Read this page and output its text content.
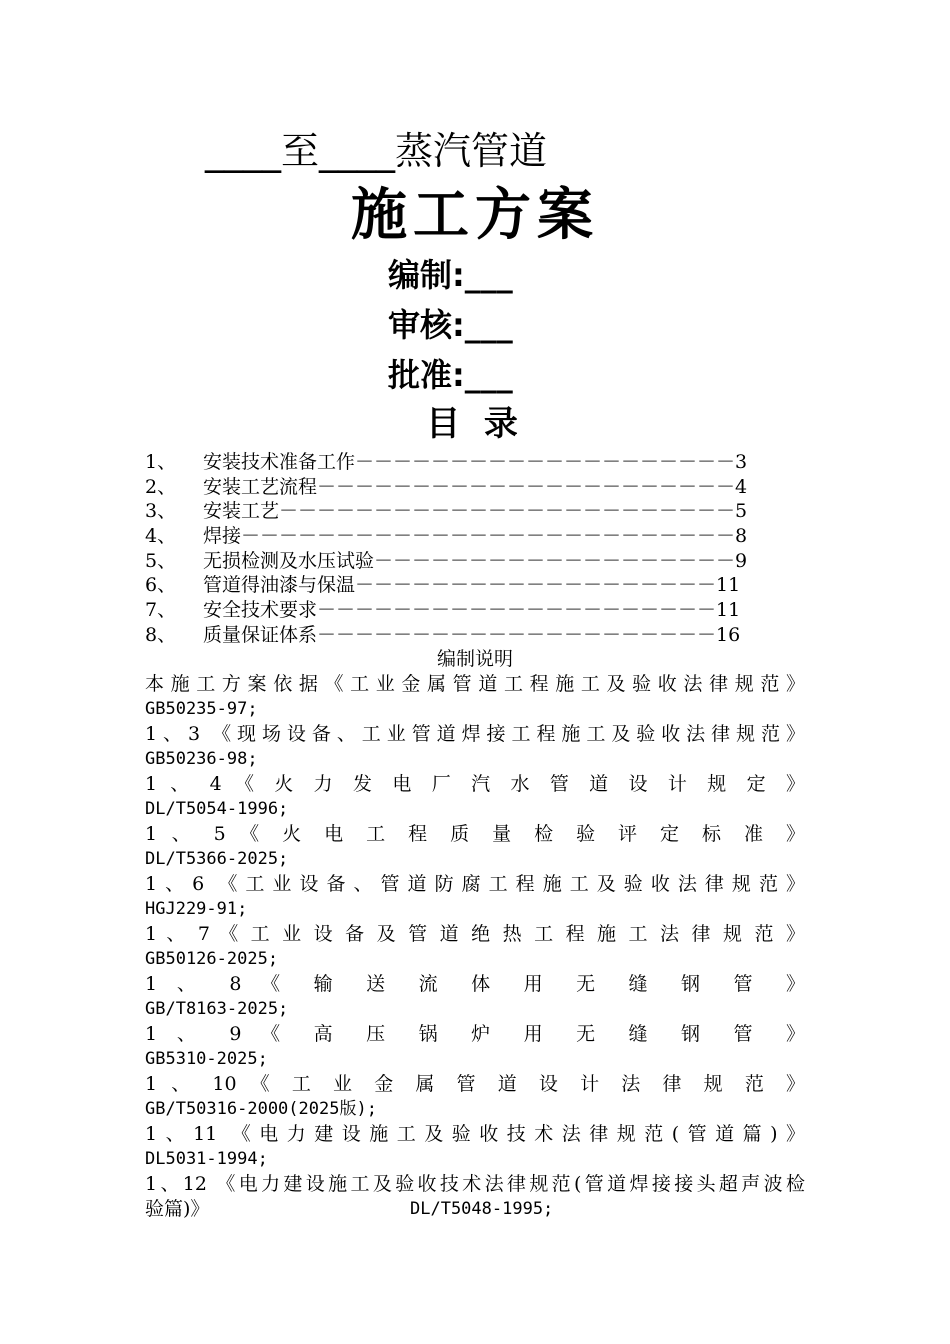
____至____蒸汽管道
施工方案
编制:___
审核:___
批准:___
目 录
1、	安装技术准备工作－－－－－－－－－－－－－－－－－－－－3
2、	安装工艺流程－－－－－－－－－－－－－－－－－－－－－－4
3、	安装工艺－－－－－－－－－－－－－－－－－－－－－－－－5
4、	焊接－－－－－－－－－－－－－－－－－－－－－－－－－－8
5、	无损检测及水压试验－－－－－－－－－－－－－－－－－－－9
6、	管道得油漆与保温－－－－－－－－－－－－－－－－－－－11
7、	安全技术要求－－－－－－－－－－－－－－－－－－－－－11
8、	质量保证体系－－－－－－－－－－－－－－－－－－－－－16
编制说明
本施工方案依据《工业金属管道工程施工及验收法律规范》
GB50235-97;
1、3 《现场设备、工业管道焊接工程施工及验收法律规范》
GB50236-98;
1 、 4 《 火 力 发 电 厂 汽 水 管 道 设 计 规 定 》
DL/T5054-1996;
1 、 5 《 火 电 工 程 质 量 检 验 评 定 标 准 》
DL/T5366-2025;
1、6 《工业设备、管道防腐工程施工及验收法律规范》
HGJ229-91;
1 、 7 《 工 业 设 备 及 管 道 绝 热 工 程 施 工 法 律 规 范 》
GB50126-2025;
1 、 8 《 输 送 流 体 用 无 缝 钢 管 》
GB/T8163-2025;
1 、 9 《 高 压 锅 炉 用 无 缝 钢 管 》
GB5310-2025;
1 、 10 《 工 业 金 属 管 道 设 计 法 律 规 范 》
GB/T50316-2000(2025版);
1、11 《电力建设施工及验收技术法律规范(管道篇)》
DL5031-1994;
1、12 《电力建设施工及验收技术法律规范(管道焊接接头超声波检
验篇)》	DL/T5048-1995;
